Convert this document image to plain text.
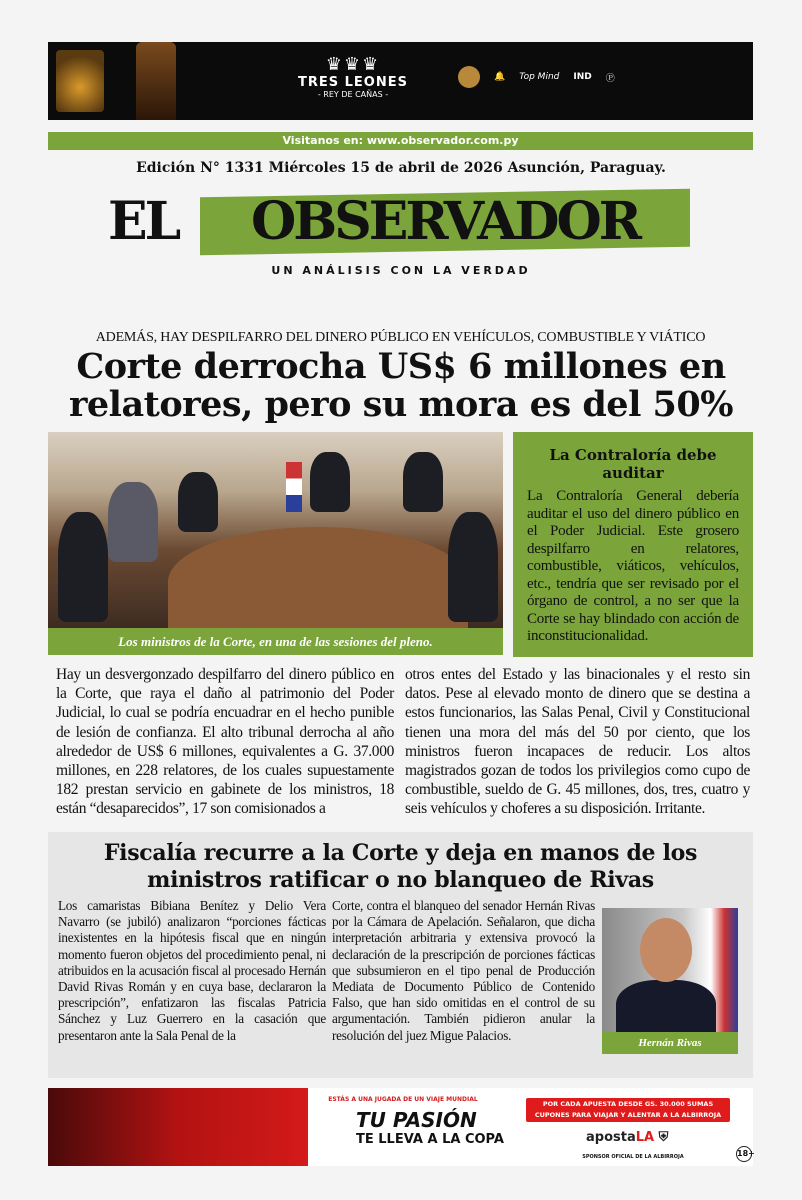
♛♛♛
TRES LEONES
- REY DE CAÑAS -
🔔 Top Mind IND Ⓟ
Visitanos en: www.observador.com.py
Edición N° 1331 Miércoles 15 de abril de 2026 Asunción, Paraguay.
EL	OBSERVADOR
UN ANÁLISIS CON LA VERDAD
ADEMÁS, HAY DESPILFARRO DEL DINERO PÚBLICO EN VEHÍCULOS, COMBUSTIBLE Y VIÁTICO
Corte derrocha US$ 6 millones en relatores, pero su mora es del 50%
Los ministros de la Corte, en una de las sesiones del pleno.
La Contraloría debe auditar

La Contraloría General debería auditar el uso del dinero público en el Poder Judicial. Este grosero despilfarro en relatores, combustible, viáticos, vehículos, etc., tendría que ser revisado por el órgano de control, a no ser que la Corte se hay blindado con acción de inconstitucionalidad.

Hay un desvergonzado despilfarro del dinero público en la Corte, que raya el daño al patrimonio del Poder Judicial, lo cual se podría encuadrar en el hecho punible de lesión de confianza. El alto tribunal derrocha al año alrededor de US$ 6 millones, equivalentes a G. 37.000 millones, en 228 relatores, de los cuales supuestamente 182 prestan servicio en gabinete de los ministros, 18 están “desaparecidos”, 17 son comisionados a
otros entes del Estado y las binacionales y el resto sin datos. Pese al elevado monto de dinero que se destina a estos funcionarios, las Salas Penal, Civil y Constitucional tienen una mora del más del 50 por ciento, que los ministros fueron incapaces de reducir. Los altos magistrados gozan de todos los privilegios como cupo de combustible, sueldo de G. 45 millones, dos, tres, cuatro y seis vehículos y choferes a su disposición. Irritante.
Fiscalía recurre a la Corte y deja en manos de los ministros ratificar o no blanqueo de Rivas
Los camaristas Bibiana Benítez y Delio Vera Navarro (se jubiló) analizaron “porciones fácticas inexistentes en la hipótesis fiscal que en ningún momento fueron objetos del procedimiento penal, ni atribuidos en la acusación fiscal al procesado Hernán David Rivas Román y en cuya base, declararon la prescripción”, enfatizaron las fiscalas Patricia Sánchez y Luz Guerrero en la casación que presentaron ante la Sala Penal de la
Corte, contra el blanqueo del senador Hernán Rivas por la Cámara de Apelación. Señalaron, que dicha interpretación arbitraria y extensiva provocó la declaración de la prescripción de porciones fácticas que subsumieron en el tipo penal de Producción Mediata de Documento Público de Contenido Falso, que han sido omitidas en el control de su argumentación. También pidieron anular la resolución del juez Migue Palacios.
Hernán Rivas
ESTÁS A UNA JUGADA DE UN VIAJE MUNDIAL
TU PASIÓN
TE LLEVA A LA COPA
POR CADA APUESTA DESDE GS. 30.000 SUMAS CUPONES PARA VIAJAR Y ALENTAR A LA ALBIRROJA
apostaLA ⛨
SPONSOR OFICIAL DE LA ALBIRROJA	18+
